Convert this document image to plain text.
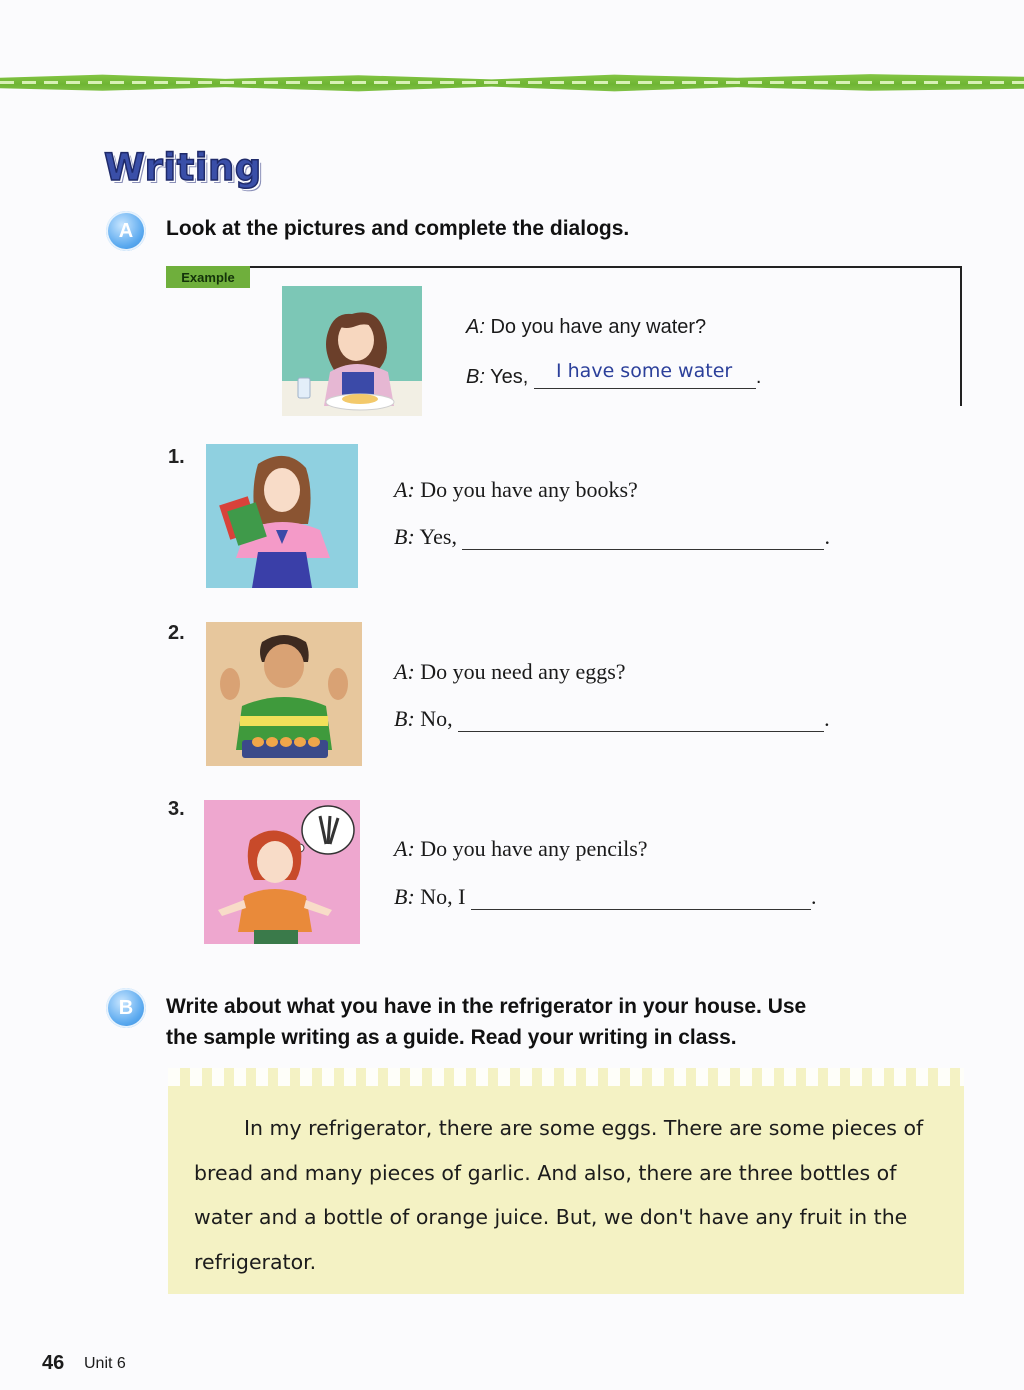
Writing
A	Look at the pictures and complete the dialogs.
Example
A: Do you have any water?
B: Yes,	.
I have some water
1.
A: Do you have any books?
B: Yes,	.
2.
A: Do you need any eggs?
B: No,	.
3.
A: Do you have any pencils?
B: No, I	.
B	Write about what you have in the refrigerator in your house. Use
the sample writing as a guide. Read your writing in class.
In my refrigerator, there are some eggs. There are some pieces of bread and many pieces of garlic. And also, there are three bottles of water and a bottle of orange juice. But, we don't have any fruit in the refrigerator.
46 Unit 6
